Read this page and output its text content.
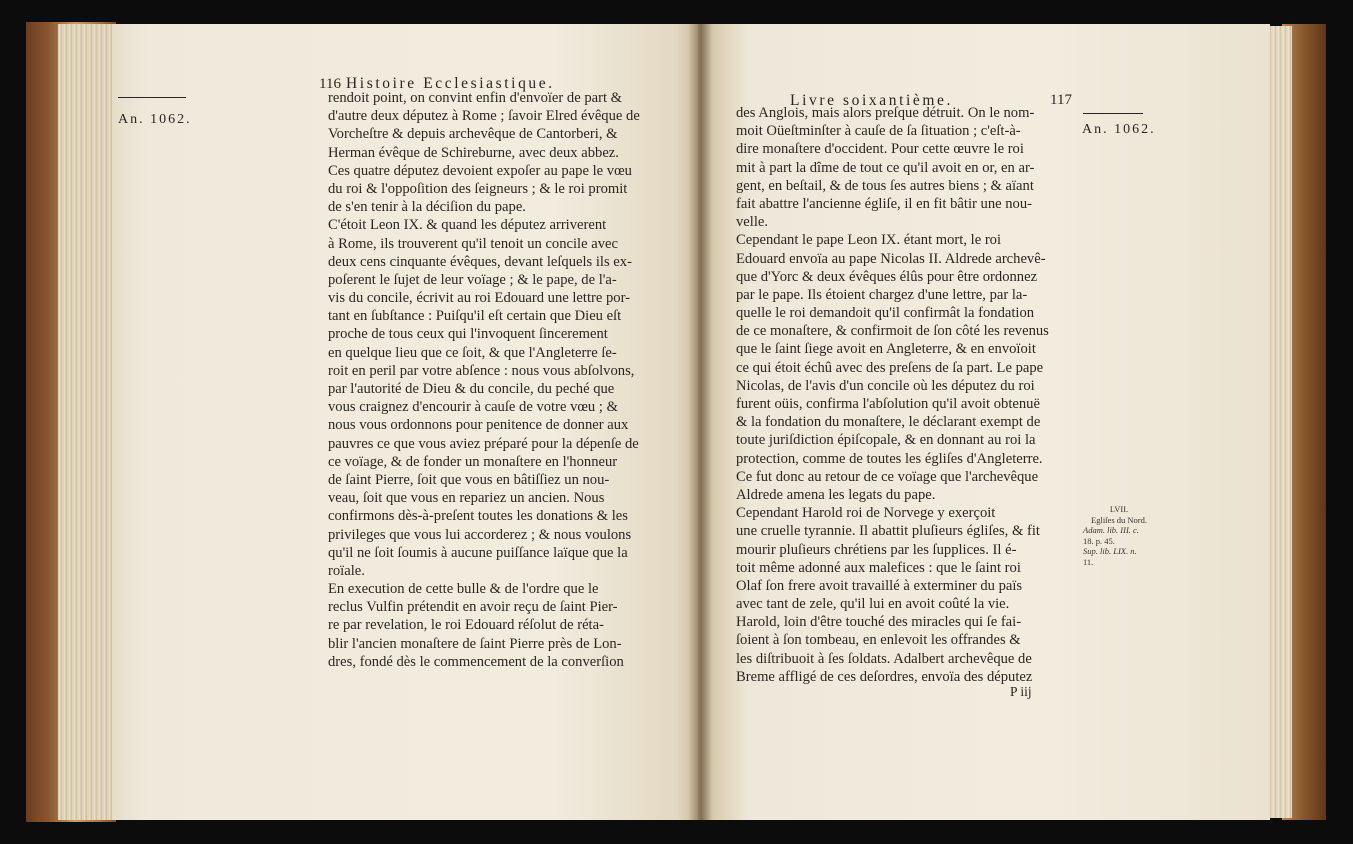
116 Histoire Ecclesiastique.
An. 1062.
rendoit point, on convint enfin d'envoïer de part &
d'autre deux députez à Rome ; ſavoir Elred évêque de
Vorcheſtre & depuis archevêque de Cantorberi, &
Herman évêque de Schireburne, avec deux abbez.
Ces quatre députez devoient expoſer au pape le vœu
du roi & l'oppoſition des ſeigneurs ; & le roi promit
de s'en tenir à la déciſion du pape.
C'étoit Leon IX. & quand les députez arriverent
à Rome, ils trouverent qu'il tenoit un concile avec
deux cens cinquante évêques, devant leſquels ils ex-
poſerent le ſujet de leur voïage ; & le pape, de l'a-
vis du concile, écrivit au roi Edouard une lettre por-
tant en ſubſtance : Puiſqu'il eſt certain que Dieu eſt
proche de tous ceux qui l'invoquent ſincerement
en quelque lieu que ce ſoit, & que l'Angleterre ſe-
roit en peril par votre abſence : nous vous abſolvons,
par l'autorité de Dieu & du concile, du peché que
vous craignez d'encourir à cauſe de votre vœu ; &
nous vous ordonnons pour penitence de donner aux
pauvres ce que vous aviez préparé pour la dépenſe de
ce voïage, & de fonder un monaſtere en l'honneur
de ſaint Pierre, ſoit que vous en bâtiſſiez un nou-
veau, ſoit que vous en repariez un ancien. Nous
confirmons dès-à-preſent toutes les donations & les
privileges que vous lui accorderez ; & nous voulons
qu'il ne ſoit ſoumis à aucune puiſſance laïque que la
roïale.
En execution de cette bulle & de l'ordre que le
reclus Vulfin prétendit en avoir reçu de ſaint Pier-
re par revelation, le roi Edouard réſolut de réta-
blir l'ancien monaſtere de ſaint Pierre près de Lon-
dres, fondé dès le commencement de la converſion
Livre soixantième.	117
An. 1062.
LVII.
Egliſes du Nord.
Adam. lib. III. c.
18. p. 45.
Sup. lib. LIX. n.
11.
des Anglois, mais alors preſque détruit. On le nom-
moit Oüeſtminſter à cauſe de ſa ſituation ; c'eſt-à-
dire monaſtere d'occident. Pour cette œuvre le roi
mit à part la dîme de tout ce qu'il avoit en or, en ar-
gent, en beſtail, & de tous ſes autres biens ; & aïant
fait abattre l'ancienne égliſe, il en fit bâtir une nou-
velle.
Cependant le pape Leon IX. étant mort, le roi
Edouard envoïa au pape Nicolas II. Aldrede archevê-
que d'Yorc & deux évêques élûs pour être ordonnez
par le pape. Ils étoient chargez d'une lettre, par la-
quelle le roi demandoit qu'il confirmât la fondation
de ce monaſtere, & confirmoit de ſon côté les revenus
que le ſaint ſiege avoit en Angleterre, & en envoïoit
ce qui étoit échû avec des preſens de ſa part. Le pape
Nicolas, de l'avis d'un concile où les députez du roi
furent oüis, confirma l'abſolution qu'il avoit obtenuë
& la fondation du monaſtere, le déclarant exempt de
toute juriſdiction épiſcopale, & en donnant au roi la
protection, comme de toutes les égliſes d'Angleterre.
Ce fut donc au retour de ce voïage que l'archevêque
Aldrede amena les legats du pape.
Cependant Harold roi de Norvege y exerçoit
une cruelle tyrannie. Il abattit pluſieurs égliſes, & fit
mourir pluſieurs chrétiens par les ſupplices. Il é-
toit même adonné aux malefices : que le ſaint roi
Olaf ſon frere avoit travaillé à exterminer du païs
avec tant de zele, qu'il lui en avoit coûté la vie.
Harold, loin d'être touché des miracles qui ſe fai-
ſoient à ſon tombeau, en enlevoit les offrandes &
les diſtribuoit à ſes ſoldats. Adalbert archevêque de
Breme affligé de ces deſordres, envoïa des députez
P iij
